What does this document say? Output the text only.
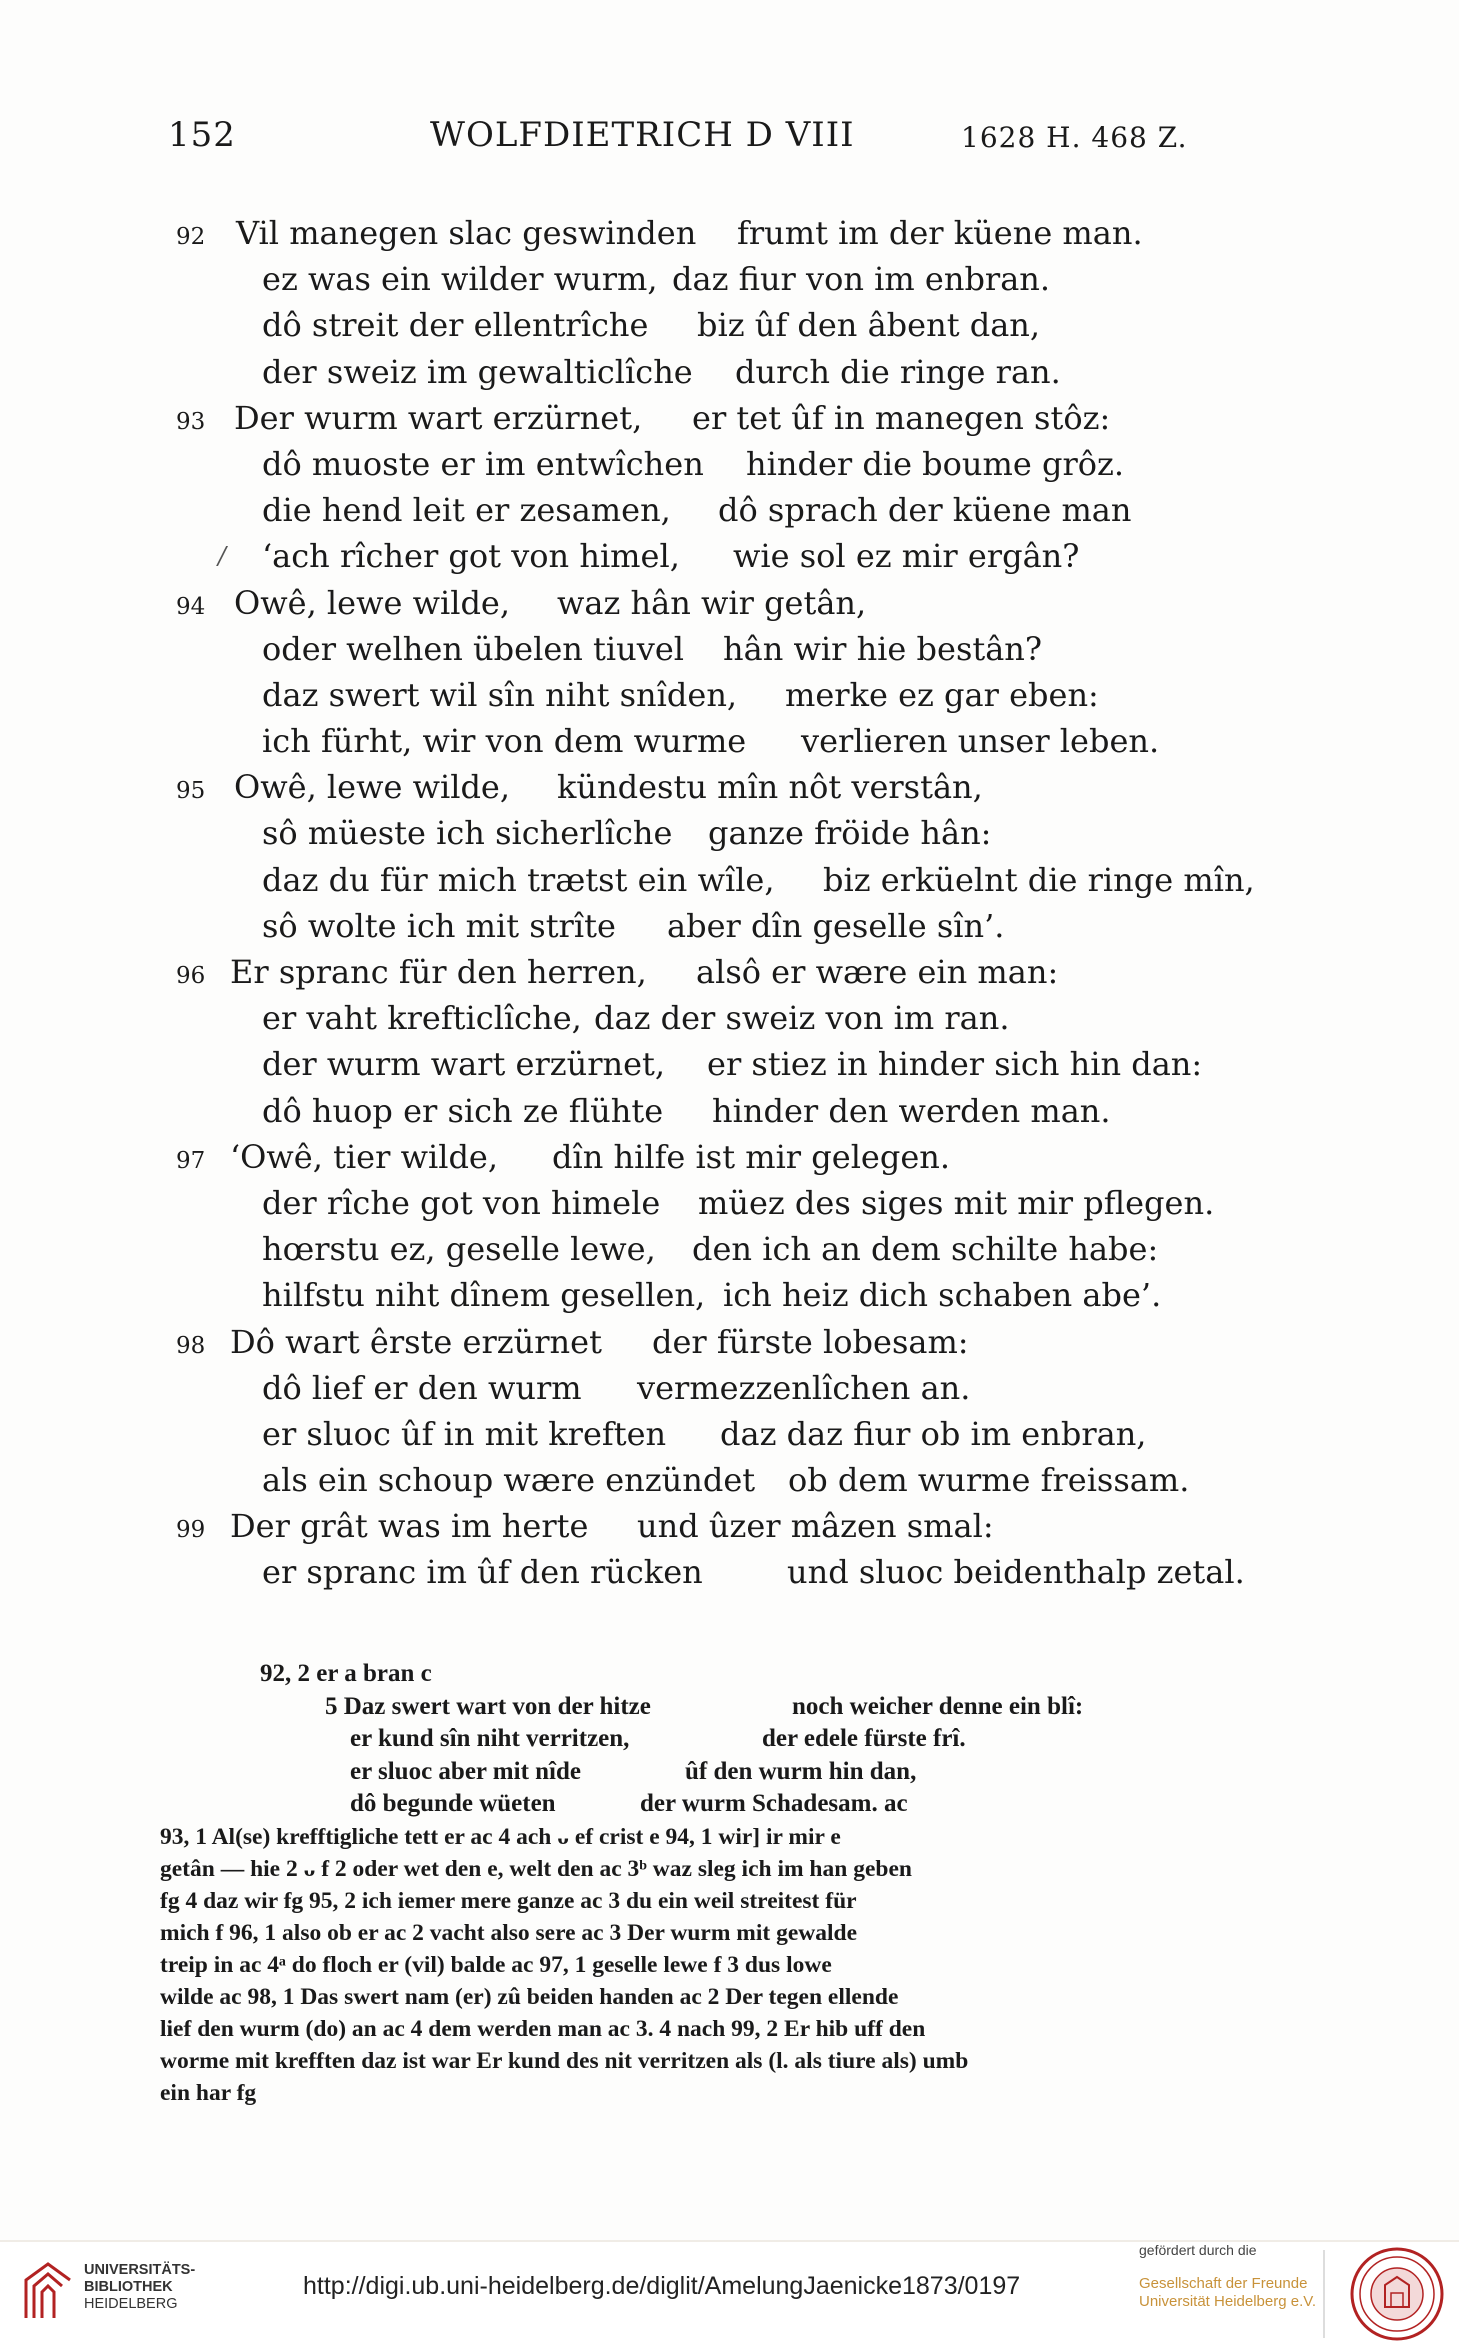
152	WOLFDIETRICH D VIII	1628 H. 468 Z.
92 Vil manegen slac geswinden frumt im der küene man.
ez was ein wilder wurm, daz fiur von im enbran.
dô streit der ellentrîche biz ûf den âbent dan,
der sweiz im gewalticlîche durch die ringe ran.
93 Der wurm wart erzürnet, er tet ûf in manegen stôz:
dô muoste er im entwîchen hinder die boume grôz.
die hend leit er zesamen, dô sprach der küene man
/ ‘ach rîcher got von himel, wie sol ez mir ergân?
94 Owê, lewe wilde, waz hân wir getân,
oder welhen übelen tiuvel hân wir hie bestân?
daz swert wil sîn niht snîden, merke ez gar eben:
ich fürht, wir von dem wurme verlieren unser leben.
95 Owê, lewe wilde, kündestu mîn nôt verstân,
sô müeste ich sicherlîche ganze fröide hân:
daz du für mich trætst ein wîle, biz erküelnt die ringe mîn,
sô wolte ich mit strîte aber dîn geselle sîn’.
96 Er spranc für den herren, alsô er wære ein man:
er vaht krefticlîche, daz der sweiz von im ran.
der wurm wart erzürnet, er stiez in hinder sich hin dan:
dô huop er sich ze flühte hinder den werden man.
97 ‘Owê, tier wilde, dîn hilfe ist mir gelegen.
der rîche got von himele müez des siges mit mir pflegen.
hœrstu ez, geselle lewe, den ich an dem schilte habe:
hilfstu niht dînem gesellen, ich heiz dich schaben abe’.
98 Dô wart êrste erzürnet der fürste lobesam:
dô lief er den wurm vermezzenlîchen an.
er sluoc ûf in mit kreften daz daz fiur ob im enbran,
als ein schoup wære enzündet ob dem wurme freissam.
99 Der grât was im herte und ûzer mâzen smal:
er spranc im ûf den rücken	und sluoc beidenthalp zetal.
92, 2 er a bran c
5 Daz swert wart von der hitze	noch weicher denne ein blî:
er kund sîn niht verritzen,	der edele fürste frî.
er sluoc aber mit nîde	ûf den wurm hin dan,
dô begunde wüeten	der wurm Schadesam. ac
93, 1 Al(se) krefftigliche tett er ac 4 ach ᴗ ef crist e 94, 1 wir] ir mir e
getân — hie 2 ᴗ f 2 oder wet den e, welt den ac 3ᵇ waz sleg ich im han geben
fg 4 daz wir fg 95, 2 ich iemer mere ganze ac 3 du ein weil streitest für
mich f 96, 1 also ob er ac 2 vacht also sere ac 3 Der wurm mit gewalde
treip in ac 4ᵃ do floch er (vil) balde ac 97, 1 geselle lewe f 3 dus lowe
wilde ac 98, 1 Das swert nam (er) zû beiden handen ac 2 Der tegen ellende
lief den wurm (do) an ac 4 dem werden man ac 3. 4 nach 99, 2 Er hib uff den
worme mit krefften daz ist war Er kund des nit verritzen als (l. als tiure als) umb
ein har fg
UNIVERSITÄTS-
BIBLIOTHEK
HEIDELBERG
http://digi.ub.uni-heidelberg.de/diglit/AmelungJaenicke1873/0197
gefördert durch die
Gesellschaft der Freunde
Universität Heidelberg e.V.
